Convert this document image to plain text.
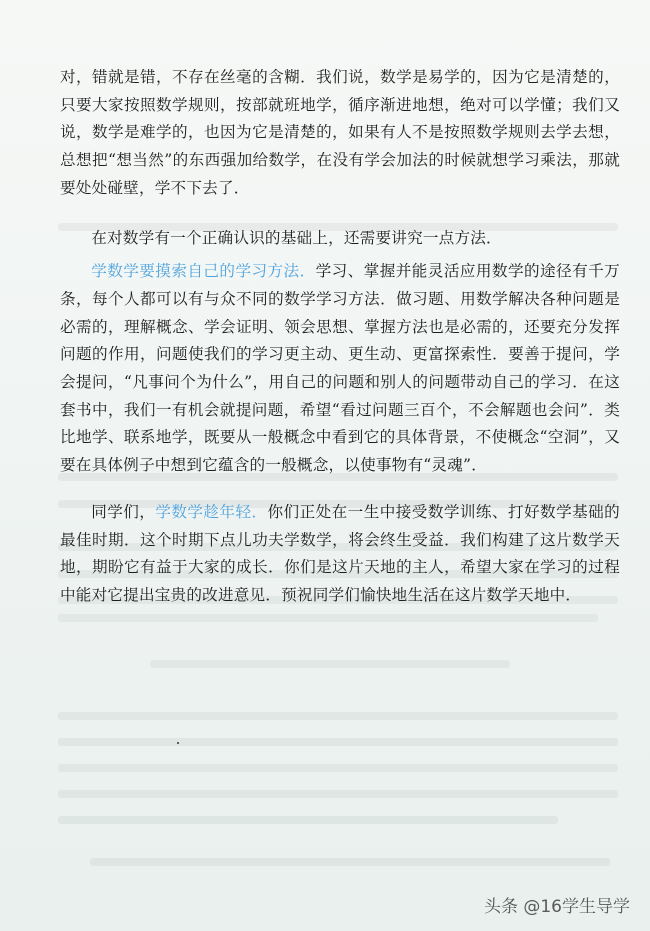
对，错就是错，不存在丝毫的含糊．我们说，数学是易学的，因为它是清楚的，只要大家按照数学规则，按部就班地学，循序渐进地想，绝对可以学懂；我们又说，数学是难学的，也因为它是清楚的，如果有人不是按照数学规则去学去想，总想把“想当然”的东西强加给数学，在没有学会加法的时候就想学习乘法，那就要处处碰壁，学不下去了．

在对数学有一个正确认识的基础上，还需要讲究一点方法．

学数学要摸索自己的学习方法．学习、掌握并能灵活应用数学的途径有千万条，每个人都可以有与众不同的数学学习方法．做习题、用数学解决各种问题是必需的，理解概念、学会证明、领会思想、掌握方法也是必需的，还要充分发挥问题的作用，问题使我们的学习更主动、更生动、更富探索性．要善于提问，学会提问，“凡事问个为什么”，用自己的问题和别人的问题带动自己的学习．在这套书中，我们一有机会就提问题，希望“看过问题三百个，不会解题也会问”．类比地学、联系地学，既要从一般概念中看到它的具体背景，不使概念“空洞”，又要在具体例子中想到它蕴含的一般概念，以使事物有“灵魂”．

同学们，学数学趁年轻．你们正处在一生中接受数学训练、打好数学基础的最佳时期．这个时期下点儿功夫学数学，将会终生受益．我们构建了这片数学天地，期盼它有益于大家的成长．你们是这片天地的主人，希望大家在学习的过程中能对它提出宝贵的改进意见．预祝同学们愉快地生活在这片数学天地中．

头条 @16学生导学
